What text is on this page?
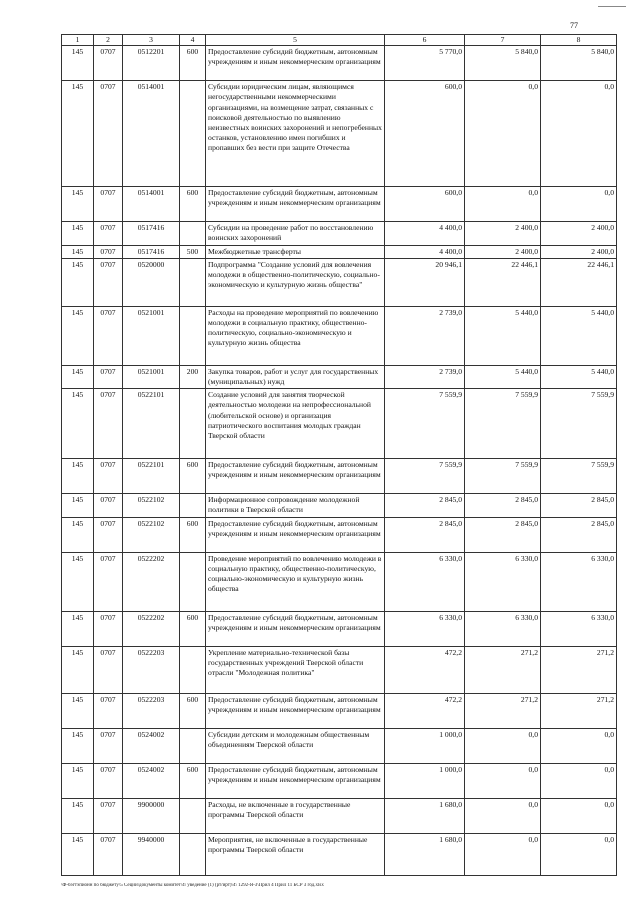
77
1	2	3	4	5	6	7	8
145	0707	0512201	600	Предоставление субсидий бюджетным, автономным учреждениям и иным некоммерческим организациям	5 770,0	5 840,0	5 840,0
145	0707	0514001		Субсидии юридическим лицам, являющимся негосударственными некоммерческими организациями, на возмещение затрат, связанных с поисковой деятельностью по выявлению неизвестных воинских захоронений и непогребенных останков, установлению имен погибших и пропавших без вести при защите Отечества	600,0	0,0	0,0
145	0707	0514001	600	Предоставление субсидий бюджетным, автономным учреждениям и иным некоммерческим организациям	600,0	0,0	0,0
145	0707	0517416		Субсидии на проведение работ по восстановлению воинских захоронений	4 400,0	2 400,0	2 400,0
145	0707	0517416	500	Межбюджетные трансферты	4 400,0	2 400,0	2 400,0
145	0707	0520000		Подпрограмма "Создание условий для вовлечения молодежи в общественно-политическую, социально-экономическую и культурную жизнь общества"	20 946,1	22 446,1	22 446,1
145	0707	0521001		Расходы на проведение мероприятий по вовлечению молодежи в социальную практику, общественно-политическую, социально-экономическую и культурную жизнь общества	2 739,0	5 440,0	5 440,0
145	0707	0521001	200	Закупка товаров, работ и услуг для государственных (муниципальных) нужд	2 739,0	5 440,0	5 440,0
145	0707	0522101		Создание условий для занятия творческой деятельностью молодежи на непрофессиональной (любительской основе) и организация патриотического воспитания молодых граждан Тверской области	7 559,9	7 559,9	7 559,9
145	0707	0522101	600	Предоставление субсидий бюджетным, автономным учреждениям и иным некоммерческим организациям	7 559,9	7 559,9	7 559,9
145	0707	0522102		Информационное сопровождение молодежной политики в Тверской области	2 845,0	2 845,0	2 845,0
145	0707	0522102	600	Предоставление субсидий бюджетным, автономным учреждениям и иным некоммерческим организациям	2 845,0	2 845,0	2 845,0
145	0707	0522202		Проведение мероприятий по вовлечению молодежи в социальную практику, общественно-политическую, социально-экономическую и культурную жизнь общества	6 330,0	6 330,0	6 330,0
145	0707	0522202	600	Предоставление субсидий бюджетным, автономным учреждениям и иным некоммерческим организациям	6 330,0	6 330,0	6 330,0
145	0707	0522203		Укрепление материально-технической базы государственных учреждений Тверской области отрасли "Молодежная политика"	472,2	271,2	271,2
145	0707	0522203	600	Предоставление субсидий бюджетным, автономным учреждениям и иным некоммерческим организациям	472,2	271,2	271,2
145	0707	0524002		Субсидии детским и молодежным общественным объединениям Тверской области	1 000,0	0,0	0,0
145	0707	0524002	600	Предоставление субсидий бюджетным, автономным учреждениям и иным некоммерческим организациям	1 000,0	0,0	0,0
145	0707	9900000		Расходы, не включенные в государственные программы Тверской области	1 680,0	0,0	0,0
145	0707	9940000		Мероприятия, не включенные в государственные программы Тверской области	1 680,0	0,0	0,0
\Ф-бэгтэпионн по бюджету\5 Сеции\документы комитет\4\ уведение (1) (рт/ирт)\4\ 1292-Я-3\Прил 4 Прил 11 БСР 3 год.xlsx
